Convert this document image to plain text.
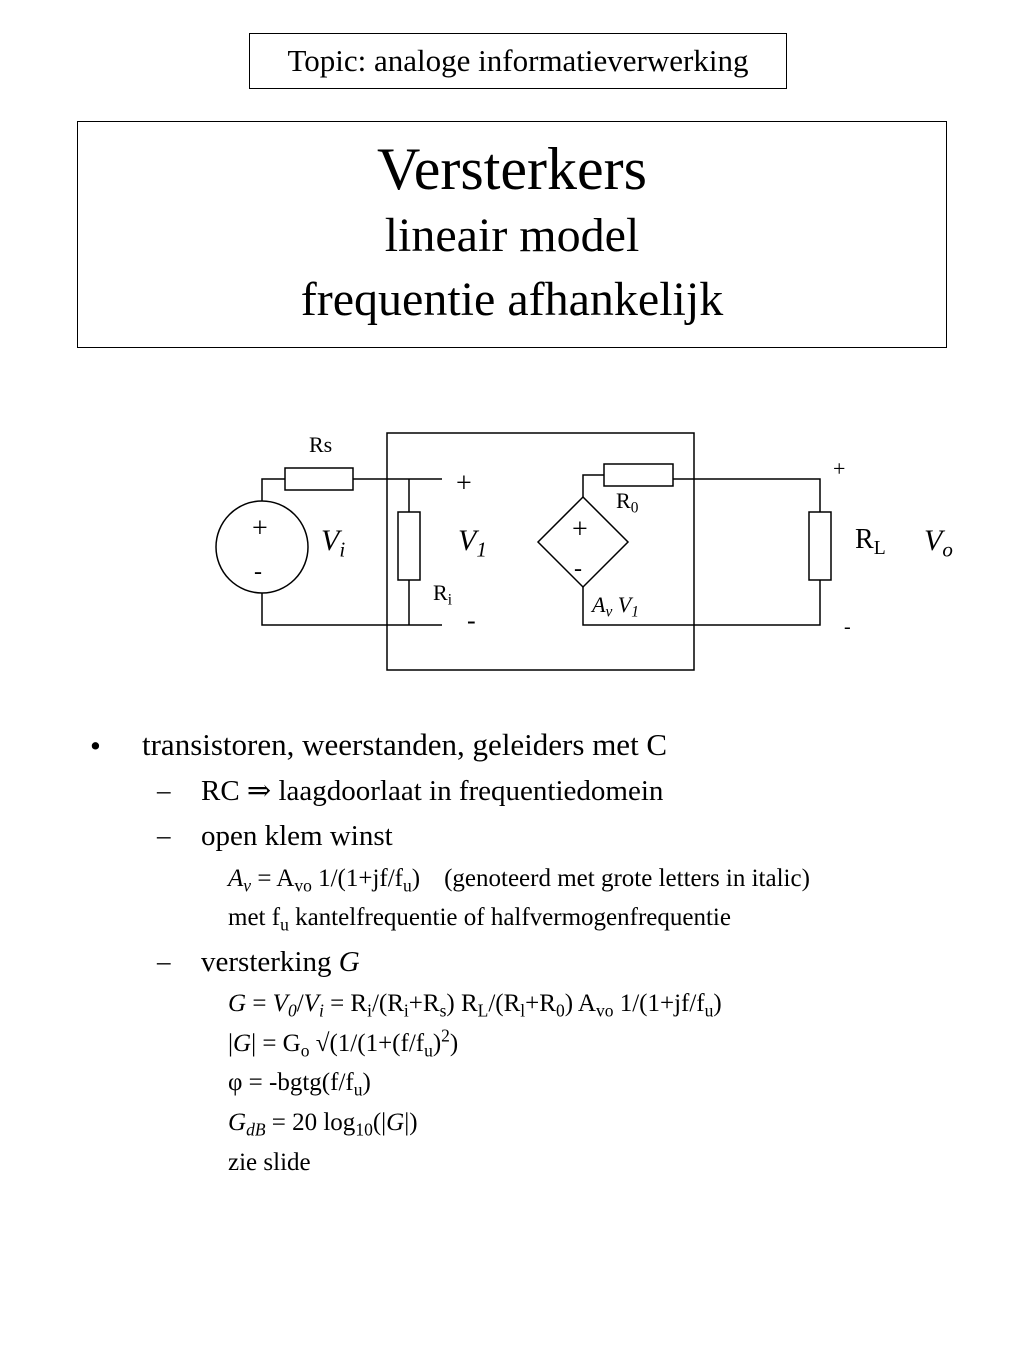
Topic: analoge informatieverwerking
Versterkers
lineair model
frequentie afhankelijk
Rs
+
-
$V_i$
+
-
$V_1$
$R_i$
$R_0$
+
-
$A_v$ $V_1$
+
-
$R_L$ $V_o$
• transistoren, weerstanden, geleiders met C
– RC ⇒ laagdoorlaat in frequentiedomein
– open klem winst
$A_v = A_{vo}$ $1/(1+jf/f_u)$ (genoteerd met grote letters in italic)
met $f_u$ kantelfrequentie of halfvermogenfrequentie
– versterking G
$G = V_0/V_i = R_i/(R_i+R_s)$ $R_L/(R_l+R_0)$ $A_{vo}$ $1/(1+jf/f_u)$
$|G| = G_o$ $√(1/(1+(f/f_u)^2)$
$\varphi = -bgtg(f/f_u)$
$G_{dB} = 20$ $\log_{10}(|G|)$
zie slide
